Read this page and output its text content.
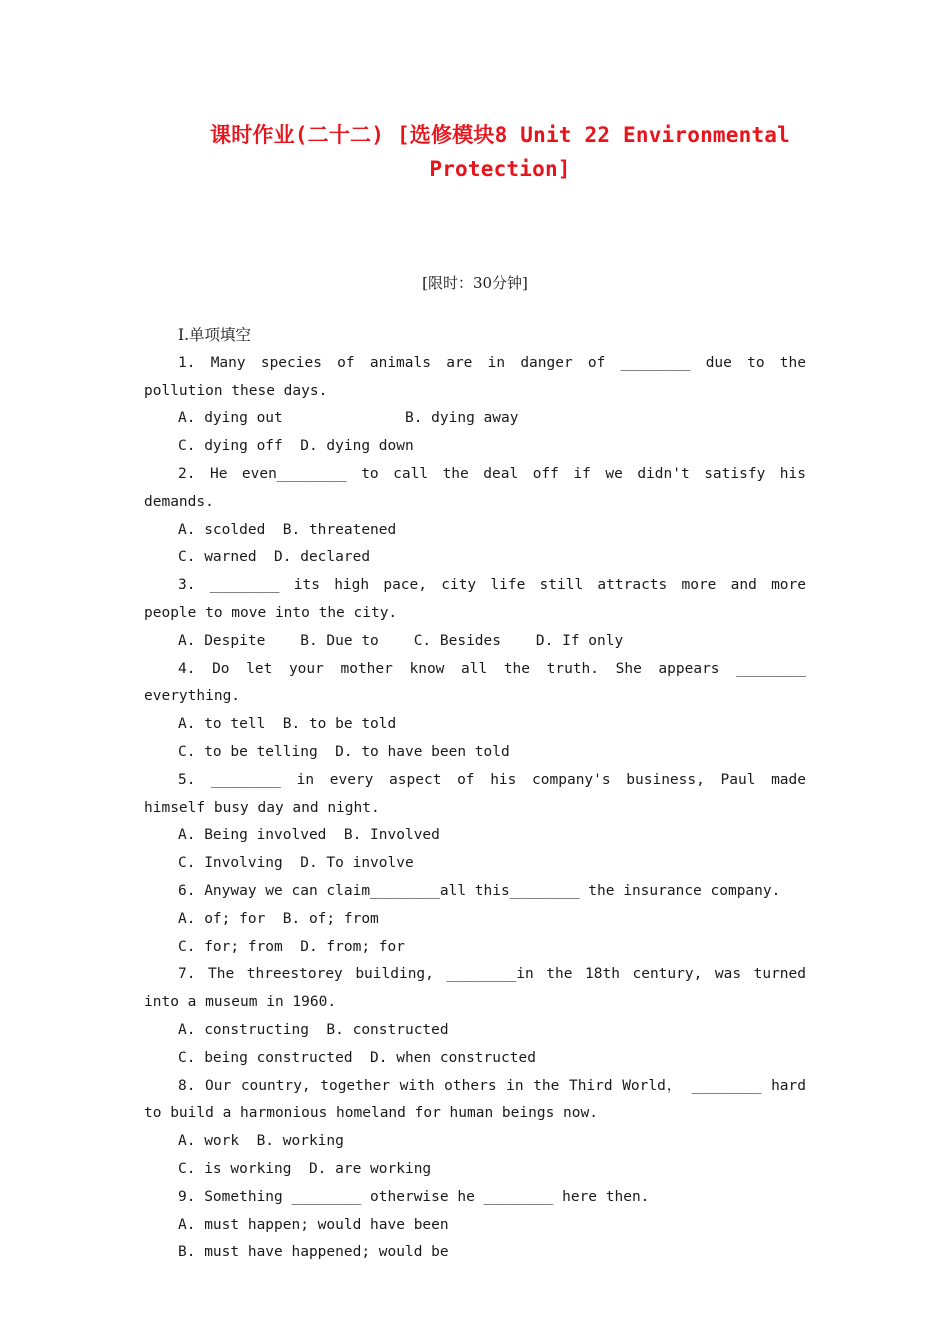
课时作业(二十二) [选修模块8 Unit 22 Environmental
Protection]
[限时：30分钟]
Ⅰ.单项填空
1. Many species of animals are in danger of ________ due to the pollution these days.
A. dying out              B. dying away
C. dying off  D. dying down
2. He even________ to call the deal off if we didn't satisfy his demands.
A. scolded  B. threatened
C. warned  D. declared
3. ________ its high pace, city life still attracts more and more people to move into the city.
A. Despite    B. Due to    C. Besides    D. If only
4. Do let your mother know all the truth. She appears ________ everything.
A. to tell  B. to be told
C. to be telling  D. to have been told
5. ________ in every aspect of his company's business, Paul made himself busy day and night.
A. Being involved  B. Involved
C. Involving  D. To involve
6. Anyway we can claim________all this________ the insurance company.
A. of; for  B. of; from
C. for; from  D. from; for
7. The threestorey building, ________in the 18th century, was turned into a museum in 1960.
A. constructing  B. constructed
C. being constructed  D. when constructed
8. Our country, together with others in the Third World， ________ hard to build a harmonious homeland for human beings now.
A. work  B. working
C. is working  D. are working
9. Something ________ otherwise he ________ here then.
A. must happen; would have been
B. must have happened; would be
